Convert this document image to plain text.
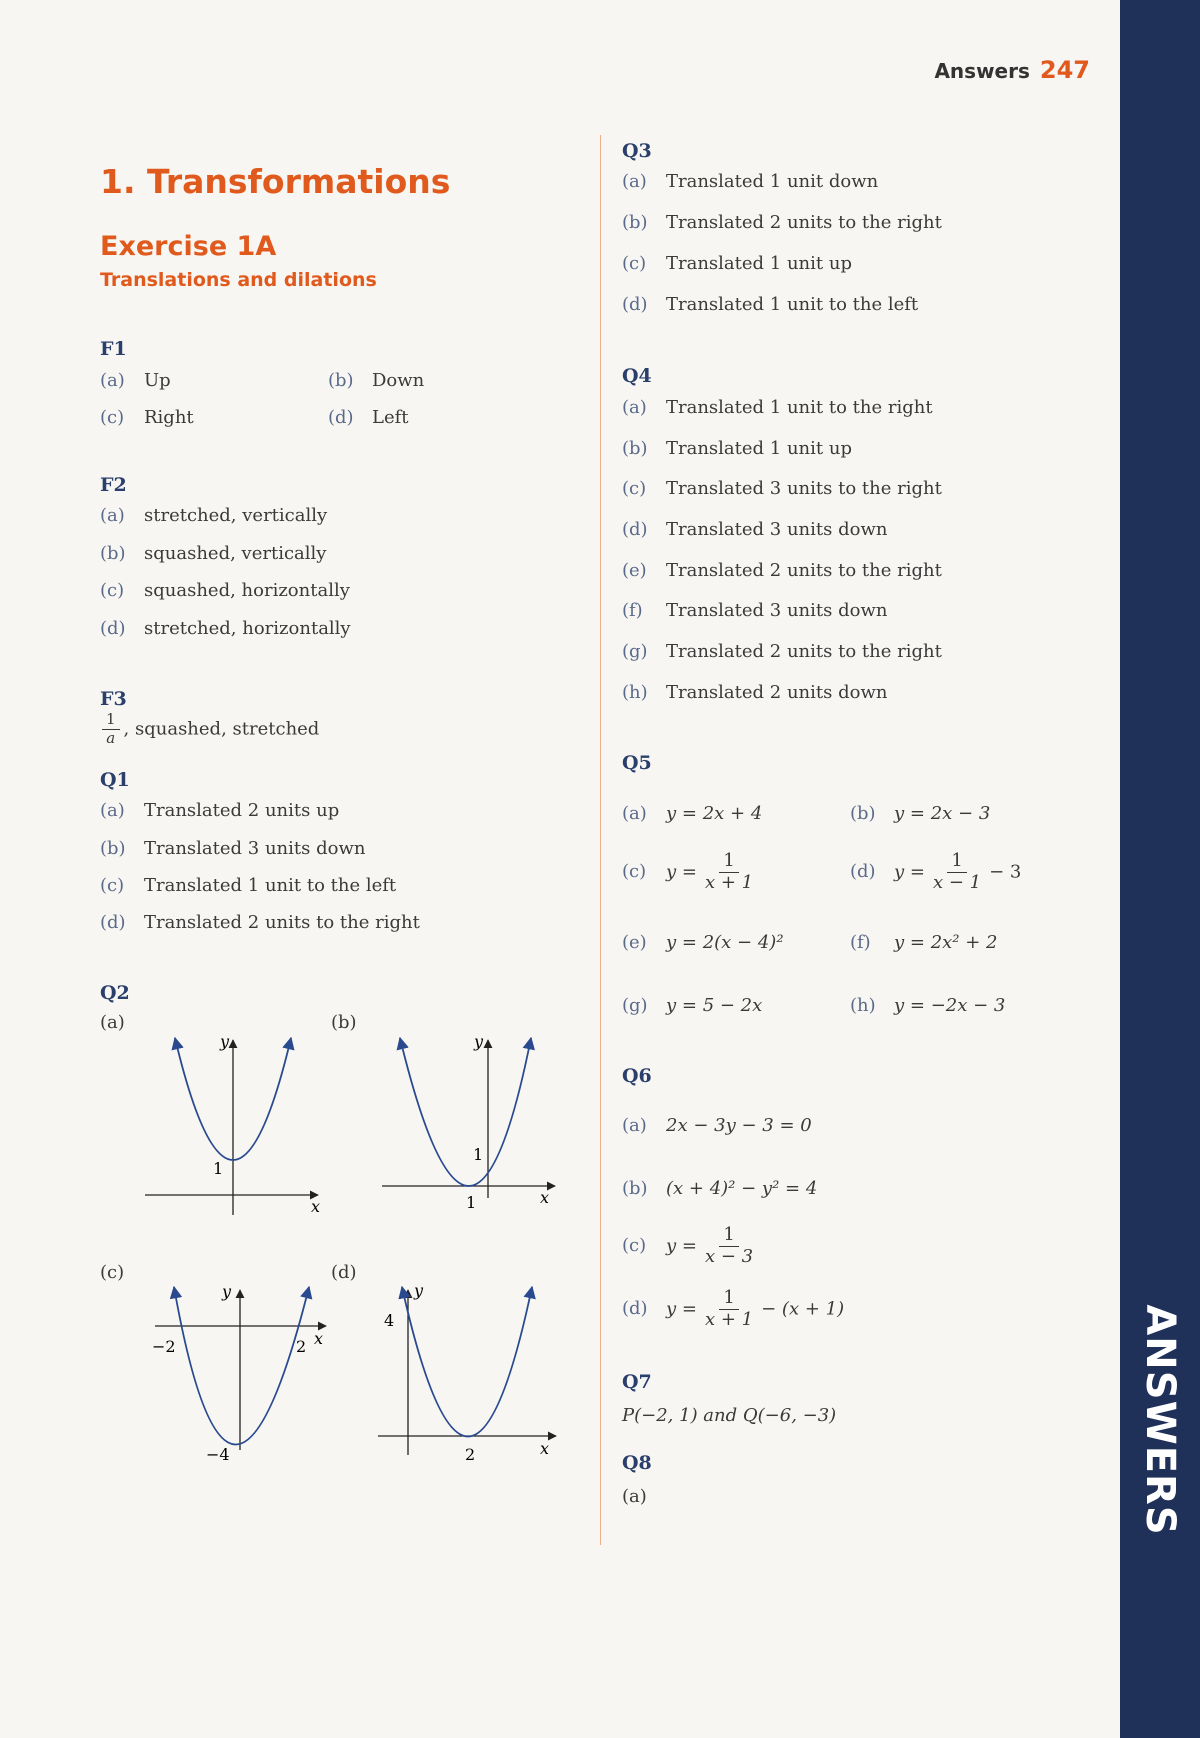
ANSWERS
Answers 247
1. Transformations
Exercise 1A
Translations and dilations
F1
(a) Up	(b) Down
(c) Right	(d) Left
F2
(a) stretched, vertically
(b) squashed, vertically
(c) squashed, horizontally
(d) stretched, horizontally
F3
$\frac{1}{a}$ , squashed, stretched
Q1
(a) Translated 2 units up
(b) Translated 3 units down
(c) Translated 1 unit to the left
(d) Translated 2 units to the right
Q2
(a)	(b)
(c)	(d)
y
1
x
y
1
1	x
y
−2	2 x
−4
y
4
2	x
Q3
(a) Translated 1 unit down
(b) Translated 2 units to the right
(c) Translated 1 unit up
(d) Translated 1 unit to the left
Q4
(a) Translated 1 unit to the right
(b) Translated 1 unit up
(c) Translated 3 units to the right
(d) Translated 3 units down
(e) Translated 2 units to the right
(f) Translated 3 units down
(g) Translated 2 units to the right
(h) Translated 2 units down
Q5
(a) y = 2x + 4	(b) y = 2x − 3
(c) $y = \frac{1}{x + 1}$	(d) $y = \frac{1}{x - 1} - 3$
(e) y = 2(x − 4)²	(f) y = 2x² + 2
(g) y = 5 − 2x	(h) y = −2x − 3
Q6
(a) 2x − 3y − 3 = 0
(b) (x + 4)² − y² = 4
(c) $y = \frac{1}{x - 3}$
(d) $y = \frac{1}{x + 1} - (x + 1)$
Q7
P(−2, 1) and Q(−6, −3)
Q8
(a)
